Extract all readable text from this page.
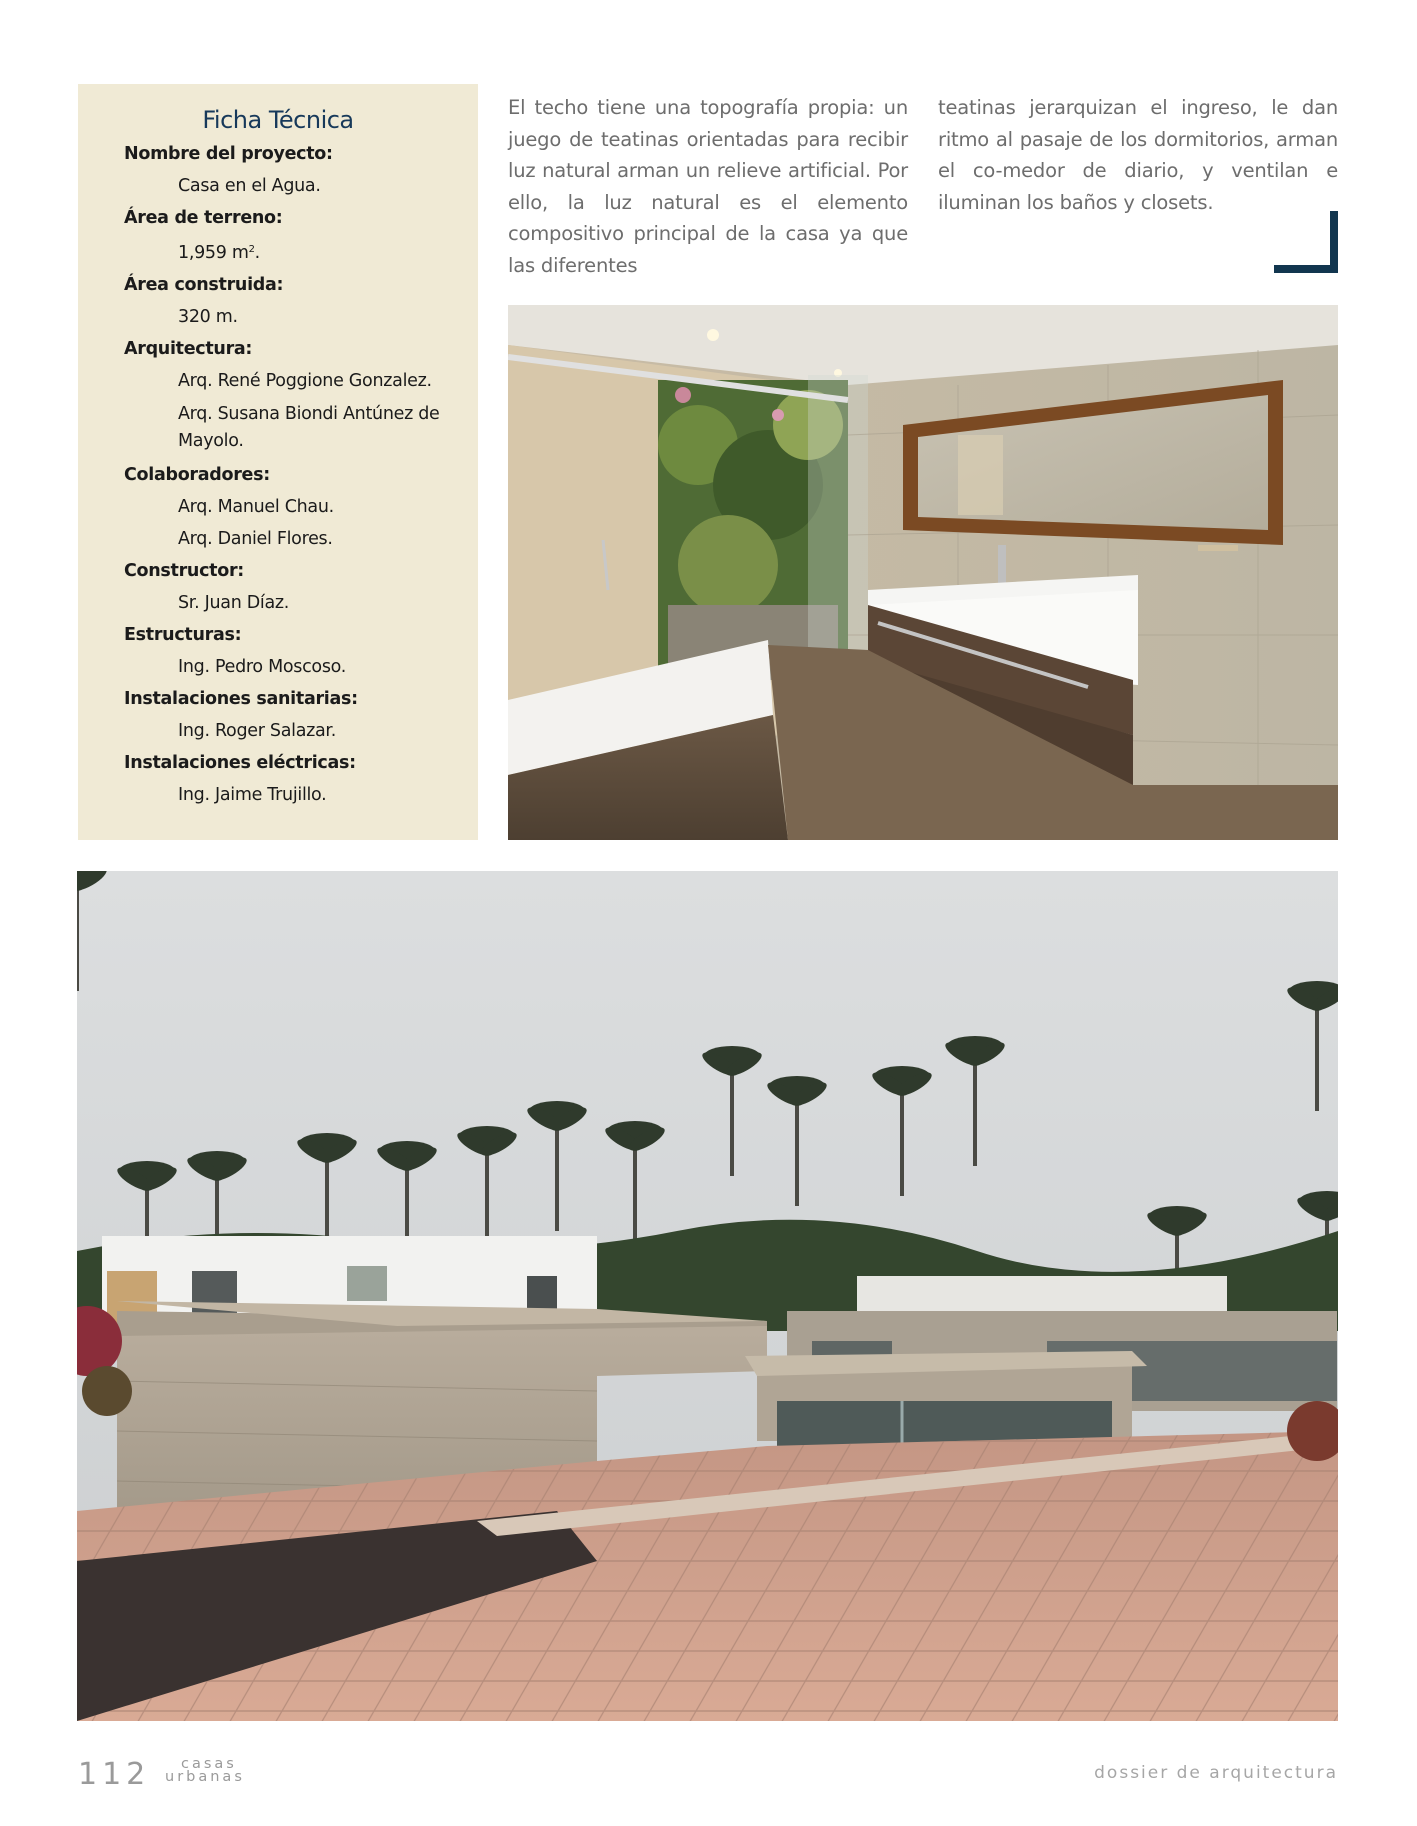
Ficha Técnica
Nombre del proyecto:
Casa en el Agua.
Área de terreno:
1,959 $m^2$.
Área construida:
320 m.
Arquitectura:
Arq. René Poggione Gonzalez.
Arq. Susana Biondi Antúnez de Mayolo.
Colaboradores:
Arq. Manuel Chau.
Arq. Daniel Flores.
Constructor:
Sr. Juan Díaz.
Estructuras:
Ing. Pedro Moscoso.
Instalaciones sanitarias:
Ing. Roger Salazar.
Instalaciones eléctricas:
Ing. Jaime Trujillo.

El techo tiene una topografía propia: un juego de teatinas orientadas para recibir luz natural arman un relieve artificial. Por ello, la luz natural es el elemento compositivo principal de la casa ya que las diferentes

teatinas jerarquizan el ingreso, le dan ritmo al pasaje de los dormitorios, arman el co-medor de diario, y ventilan e iluminan los baños y closets.

112	casas
urbanas	dossier de arquitectura
